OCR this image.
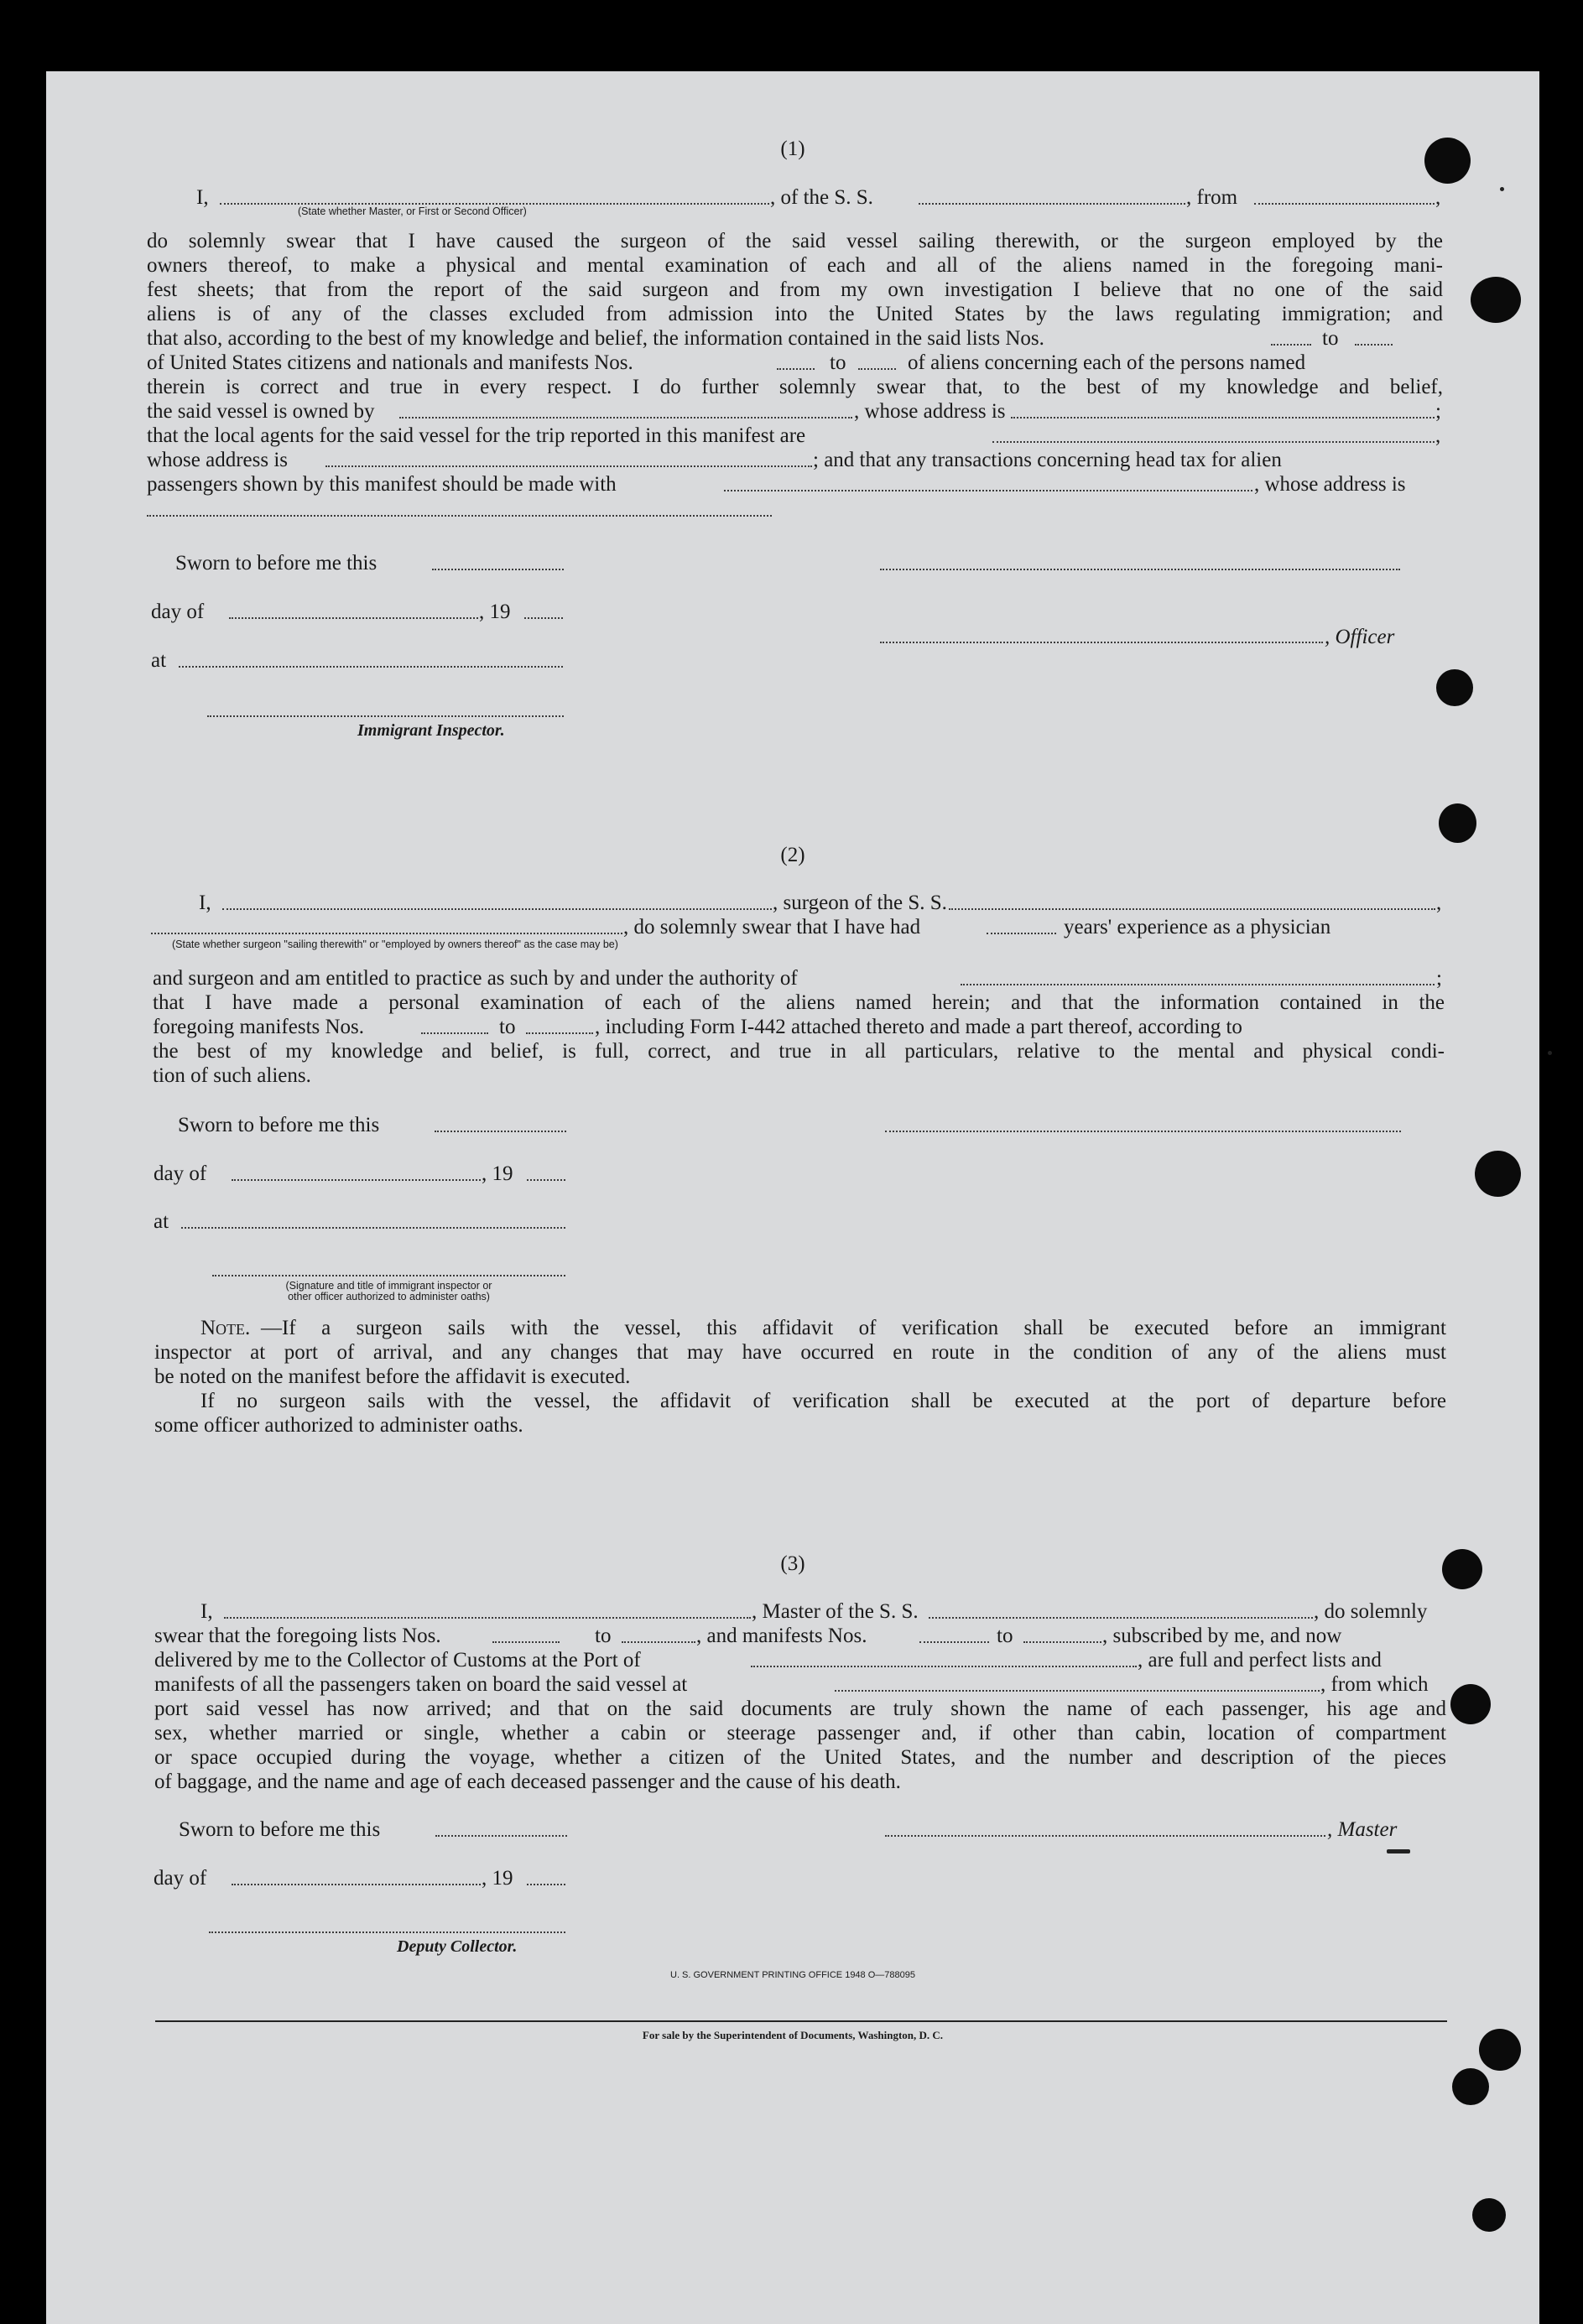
(1)
I,	, of the S. S.	, from	,
(State whether Master, or First or Second Officer)
do solemnly swear that I have caused the surgeon of the said vessel sailing therewith, or the surgeon employed by the
owners thereof, to make a physical and mental examination of each and all of the aliens named in the foregoing mani-
fest sheets; that from the report of the said surgeon and from my own investigation I believe that no one of the said
aliens is of any of the classes excluded from admission into the United States by the laws regulating immigration; and
that also, according to the best of my knowledge and belief, the information contained in the said lists Nos.	to
of United States citizens and nationals and manifests Nos.	to	of aliens concerning each of the persons named
therein is correct and true in every respect. I do further solemnly swear that, to the best of my knowledge and belief,
the said vessel is owned by	, whose address is	;
that the local agents for the said vessel for the trip reported in this manifest are	,
whose address is	; and that any transactions concerning head tax for alien
passengers shown by this manifest should be made with	, whose address is
Sworn to before me this
day of	, 19
, Officer
at
Immigrant Inspector.
(2)
I,	, surgeon of the S. S.	,
, do solemnly swear that I have had	years' experience as a physician
(State whether surgeon "sailing therewith" or "employed by owners thereof" as the case may be)
and surgeon and am entitled to practice as such by and under the authority of	;
that I have made a personal examination of each of the aliens named herein; and that the information contained in the
foregoing manifests Nos.	to	, including Form I-442 attached thereto and made a part thereof, according to
the best of my knowledge and belief, is full, correct, and true in all particulars, relative to the mental and physical condi-
tion of such aliens.
Sworn to before me this
day of	, 19
at
(Signature and title of immigrant inspector or
other officer authorized to administer oaths)
Note. —If a surgeon sails with the vessel, this affidavit of verification shall be executed before an immigrant
inspector at port of arrival, and any changes that may have occurred en route in the condition of any of the aliens must
be noted on the manifest before the affidavit is executed.
If no surgeon sails with the vessel, the affidavit of verification shall be executed at the port of departure before
some officer authorized to administer oaths.
(3)
I,	, Master of the S. S.	, do solemnly
swear that the foregoing lists Nos.	to	, and manifests Nos.	to	, subscribed by me, and now
delivered by me to the Collector of Customs at the Port of	, are full and perfect lists and
manifests of all the passengers taken on board the said vessel at	, from which
port said vessel has now arrived; and that on the said documents are truly shown the name of each passenger, his age and
sex, whether married or single, whether a cabin or steerage passenger and, if other than cabin, location of compartment
or space occupied during the voyage, whether a citizen of the United States, and the number and description of the pieces
of baggage, and the name and age of each deceased passenger and the cause of his death.
Sworn to before me this	, Master
day of	, 19
Deputy Collector.
U. S. GOVERNMENT PRINTING OFFICE 1948 O—788095
For sale by the Superintendent of Documents, Washington, D. C.
